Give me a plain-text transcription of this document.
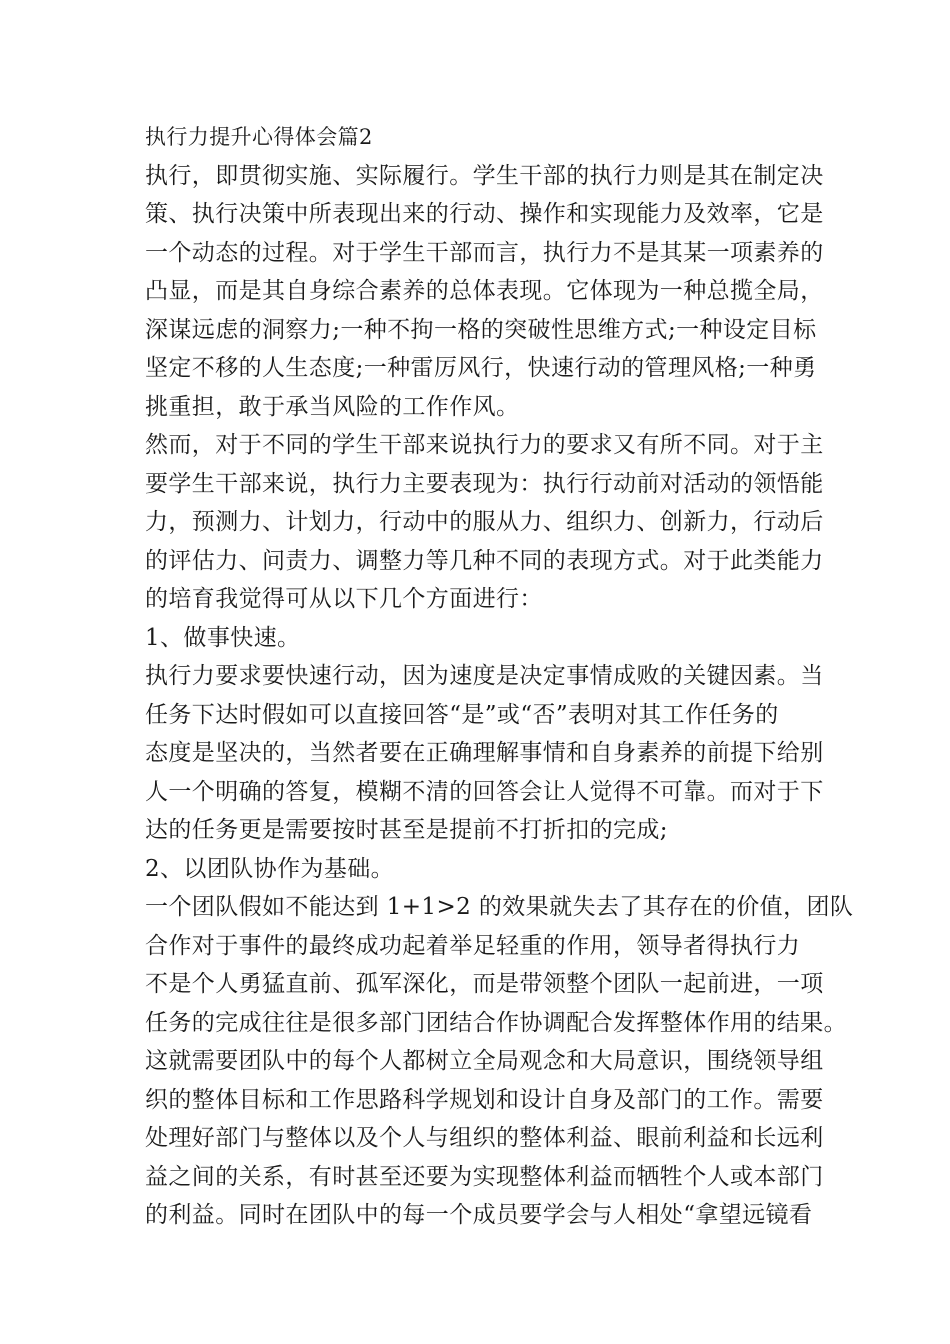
执行力提升心得体会篇2
执行，即贯彻实施、实际履行。学生干部的执行力则是其在制定决
策、执行决策中所表现出来的行动、操作和实现能力及效率，它是
一个动态的过程。对于学生干部而言，执行力不是其某一项素养的
凸显，而是其自身综合素养的总体表现。它体现为一种总揽全局，
深谋远虑的洞察力;一种不拘一格的突破性思维方式;一种设定目标
坚定不移的人生态度;一种雷厉风行，快速行动的管理风格;一种勇
挑重担，敢于承当风险的工作作风。
然而，对于不同的学生干部来说执行力的要求又有所不同。对于主
要学生干部来说，执行力主要表现为：执行行动前对活动的领悟能
力，预测力、计划力，行动中的服从力、组织力、创新力，行动后
的评估力、问责力、调整力等几种不同的表现方式。对于此类能力
的培育我觉得可从以下几个方面进行：
1、做事快速。
执行力要求要快速行动，因为速度是决定事情成败的关键因素。当
任务下达时假如可以直接回答“是”或“否”表明对其工作任务的
态度是坚决的，当然者要在正确理解事情和自身素养的前提下给别
人一个明确的答复，模糊不清的回答会让人觉得不可靠。而对于下
达的任务更是需要按时甚至是提前不打折扣的完成;
2、以团队协作为基础。
一个团队假如不能达到 1+1>2 的效果就失去了其存在的价值，团队
合作对于事件的最终成功起着举足轻重的作用，领导者得执行力
不是个人勇猛直前、孤军深化，而是带领整个团队一起前进，一项
任务的完成往往是很多部门团结合作协调配合发挥整体作用的结果。
这就需要团队中的每个人都树立全局观念和大局意识，围绕领导组
织的整体目标和工作思路科学规划和设计自身及部门的工作。需要
处理好部门与整体以及个人与组织的整体利益、眼前利益和长远利
益之间的关系，有时甚至还要为实现整体利益而牺牲个人或本部门
的利益。同时在团队中的每一个成员要学会与人相处“拿望远镜看
